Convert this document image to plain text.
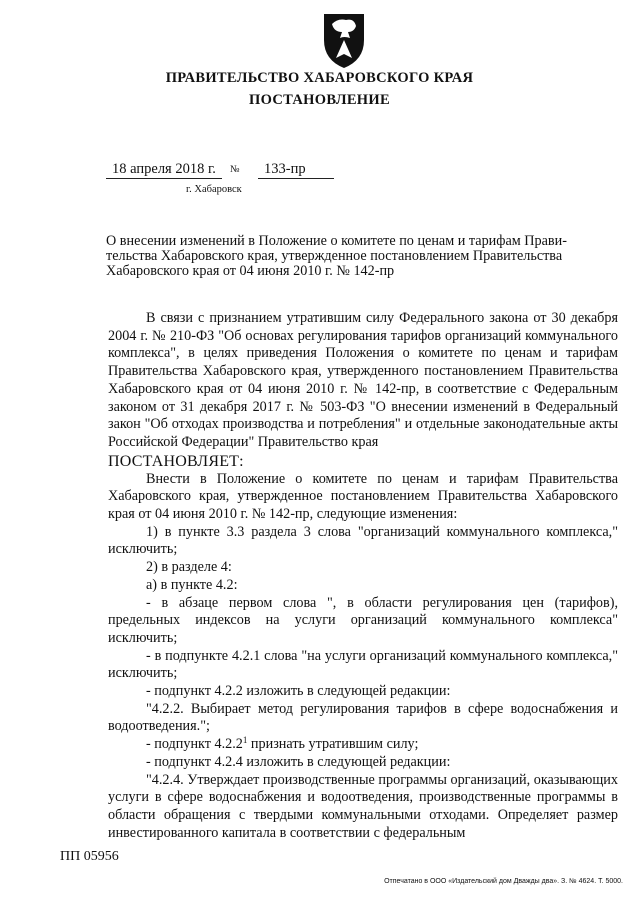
ПРАВИТЕЛЬСТВО ХАБАРОВСКОГО КРАЯ
ПОСТАНОВЛЕНИЕ
18 апреля 2018 г. № 133-пр
г. Хабаровск
О внесении изменений в Положение о комитете по ценам и тарифам Прави-
тельства Хабаровского края, утвержденное постановлением Правительства
Хабаровского края от 04 июня 2010 г. № 142-пр

В связи с признанием утратившим силу Федерального закона от 30 декабря 2004 г. № 210-ФЗ "Об основах регулирования тарифов организаций коммунального комплекса", в целях приведения Положения о комитете по ценам и тарифам Правительства Хабаровского края, утвержденного постановлением Правительства Хабаровского края от 04 июня 2010 г. № 142-пр, в соответствие с Федеральным законом от 31 декабря 2017 г. № 503-ФЗ "О внесении изменений в Федеральный закон "Об отходах производства и потребления" и отдельные законодательные акты Российской Федерации" Правительство края

ПОСТАНОВЛЯЕТ:

Внести в Положение о комитете по ценам и тарифам Правительства Хабаровского края, утвержденное постановлением Правительства Хабаровского края от 04 июня 2010 г. № 142-пр, следующие изменения:

1) в пункте 3.3 раздела 3 слова "организаций коммунального комплекса," исключить;

2) в разделе 4:

а) в пункте 4.2:

- в абзаце первом слова ", в области регулирования цен (тарифов), предельных индексов на услуги организаций коммунального комплекса" исключить;

- в подпункте 4.2.1 слова "на услуги организаций коммунального комплекса," исключить;

- подпункт 4.2.2 изложить в следующей редакции:

"4.2.2. Выбирает метод регулирования тарифов в сфере водоснабжения и водоотведения.";

- подпункт 4.2.2$^1$ признать утратившим силу;

- подпункт 4.2.4 изложить в следующей редакции:

"4.2.4. Утверждает производственные программы организаций, оказывающих услуги в сфере водоснабжения и водоотведения, производственные программы в области обращения с твердыми коммунальными отходами. Определяет размер инвестированного капитала в соответствии с федеральным

ПП 05956
Отпечатано в ООО «Издательский дом Дважды два». З. № 4624. Т. 5000.
